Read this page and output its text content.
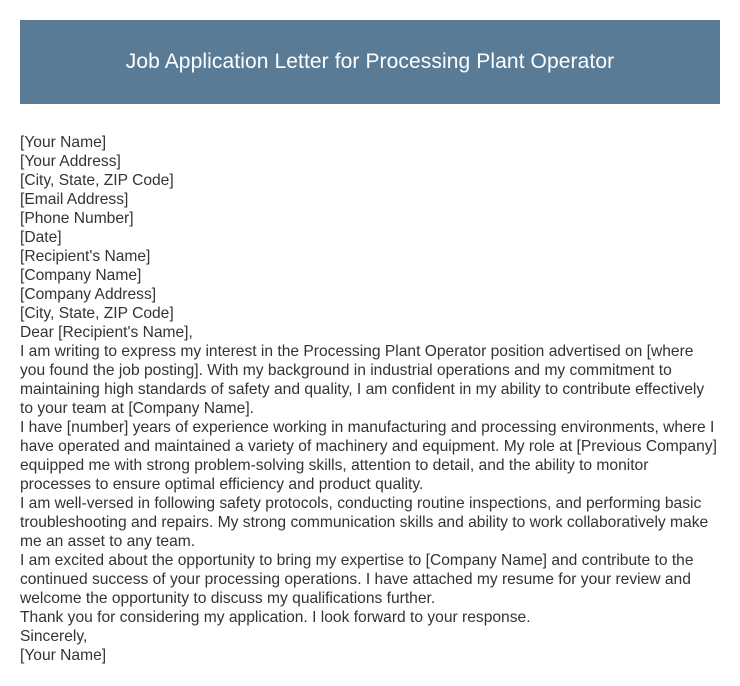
Job Application Letter for Processing Plant Operator

[Your Name]

[Your Address]

[City, State, ZIP Code]

[Email Address]

[Phone Number]

[Date]

[Recipient's Name]

[Company Name]

[Company Address]

[City, State, ZIP Code]

Dear [Recipient's Name],

I am writing to express my interest in the Processing Plant Operator position advertised on [where you found the job posting]. With my background in industrial operations and my commitment to maintaining high standards of safety and quality, I am confident in my ability to contribute effectively to your team at [Company Name].

I have [number] years of experience working in manufacturing and processing environments, where I have operated and maintained a variety of machinery and equipment. My role at [Previous Company] equipped me with strong problem-solving skills, attention to detail, and the ability to monitor processes to ensure optimal efficiency and product quality.

I am well-versed in following safety protocols, conducting routine inspections, and performing basic troubleshooting and repairs. My strong communication skills and ability to work collaboratively make me an asset to any team.

I am excited about the opportunity to bring my expertise to [Company Name] and contribute to the continued success of your processing operations. I have attached my resume for your review and welcome the opportunity to discuss my qualifications further.

Thank you for considering my application. I look forward to your response.

Sincerely,

[Your Name]
